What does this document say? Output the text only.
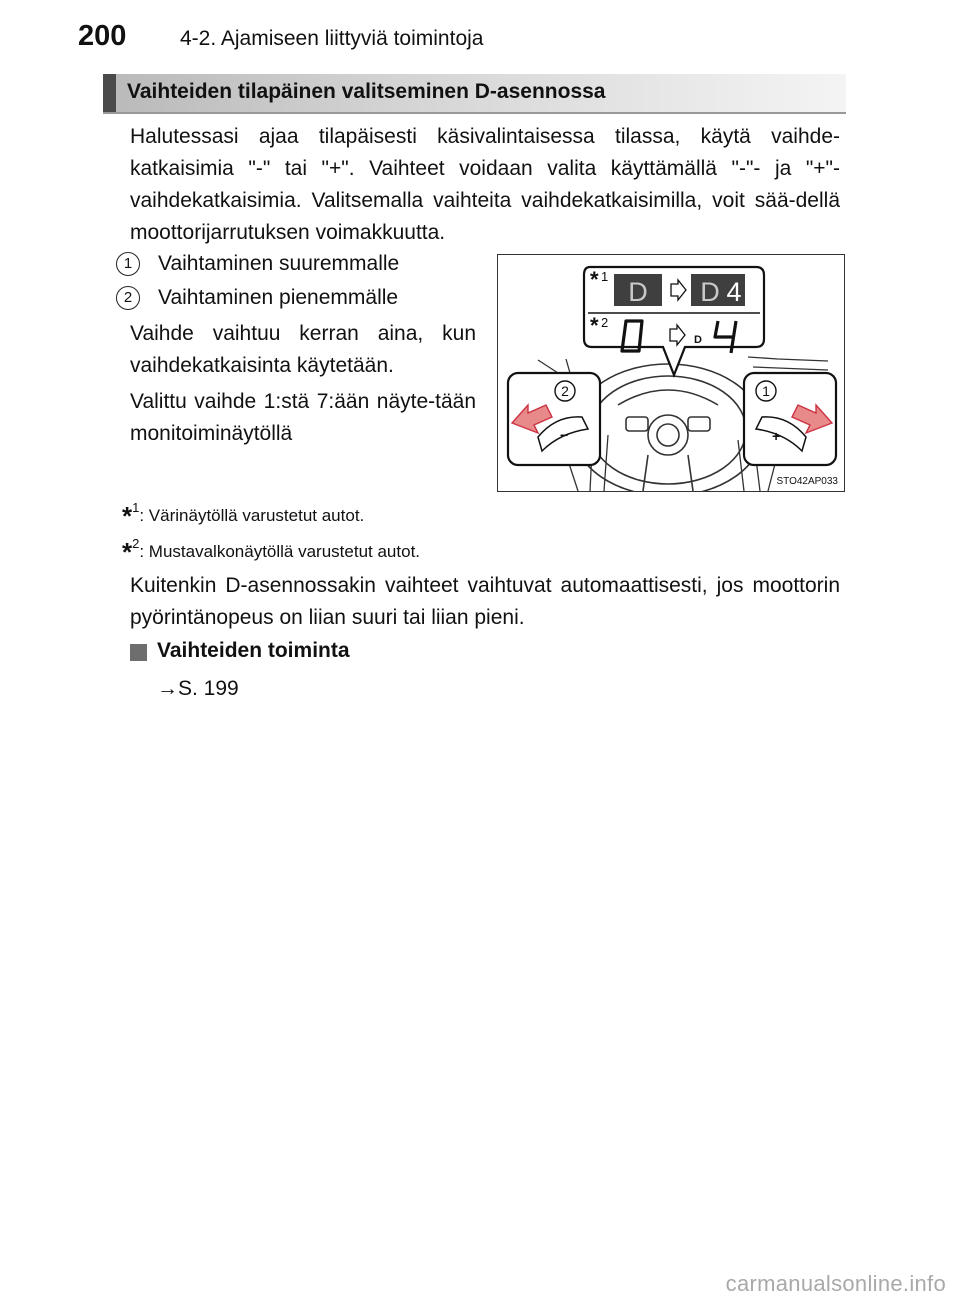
200	4-2. Ajamiseen liittyviä toimintoja
Vaihteiden tilapäinen valitseminen D-asennossa
Halutessasi ajaa tilapäisesti käsivalintaisessa tilassa, käytä vaihde-katkaisimia "-" tai "+". Vaihteet voidaan valita käyttämällä "-"- ja "+"-vaihdekatkaisimia. Valitsemalla vaihteita vaihdekatkaisimilla, voit sää-dellä moottorijarrutuksen voimakkuutta.
1	Vaihtaminen suuremmalle
2	Vaihtaminen pienemmälle
Vaihde vaihtuu kerran aina, kun vaihdekatkaisinta käytetään.
Valittu vaihde 1:stä 7:ään näyte-tään monitoiminäytöllä
* 1
D D 4
* 2
D
2
−
1
+
STO42AP033
*$^1$: Värinäytöllä varustetut autot.
*$^2$: Mustavalkonäytöllä varustetut autot.
Kuitenkin D-asennossakin vaihteet vaihtuvat automaattisesti, jos moottorin pyörintänopeus on liian suuri tai liian pieni.
Vaihteiden toiminta
→S. 199
carmanualsonline.info
